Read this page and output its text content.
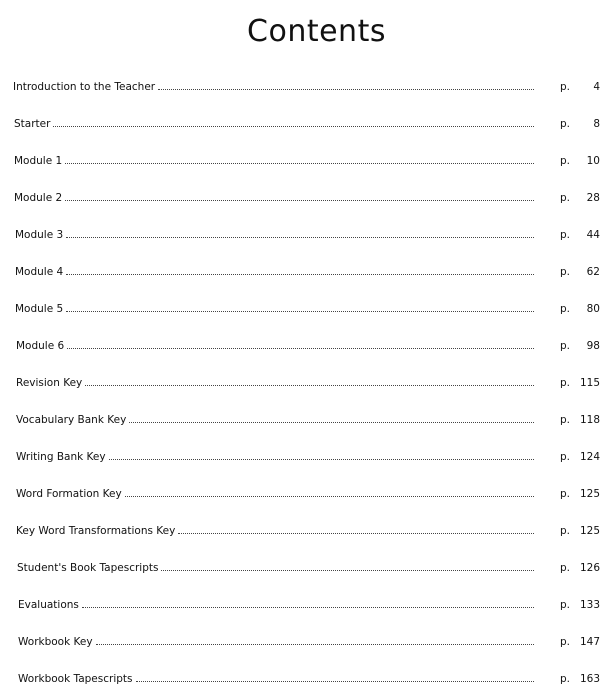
Contents
Introduction to the Teacher	p.	4
Starter	p.	8
Module 1	p.	10
Module 2	p.	28
Module 3	p.	44
Module 4	p.	62
Module 5	p.	80
Module 6	p.	98
Revision Key	p. 115
Vocabulary Bank Key	p. 118
Writing Bank Key	p. 124
Word Formation Key	p. 125
Key Word Transformations Key	p. 125
Student's Book Tapescripts	p. 126
Evaluations	p. 133
Workbook Key	p. 147
Workbook Tapescripts	p. 163
